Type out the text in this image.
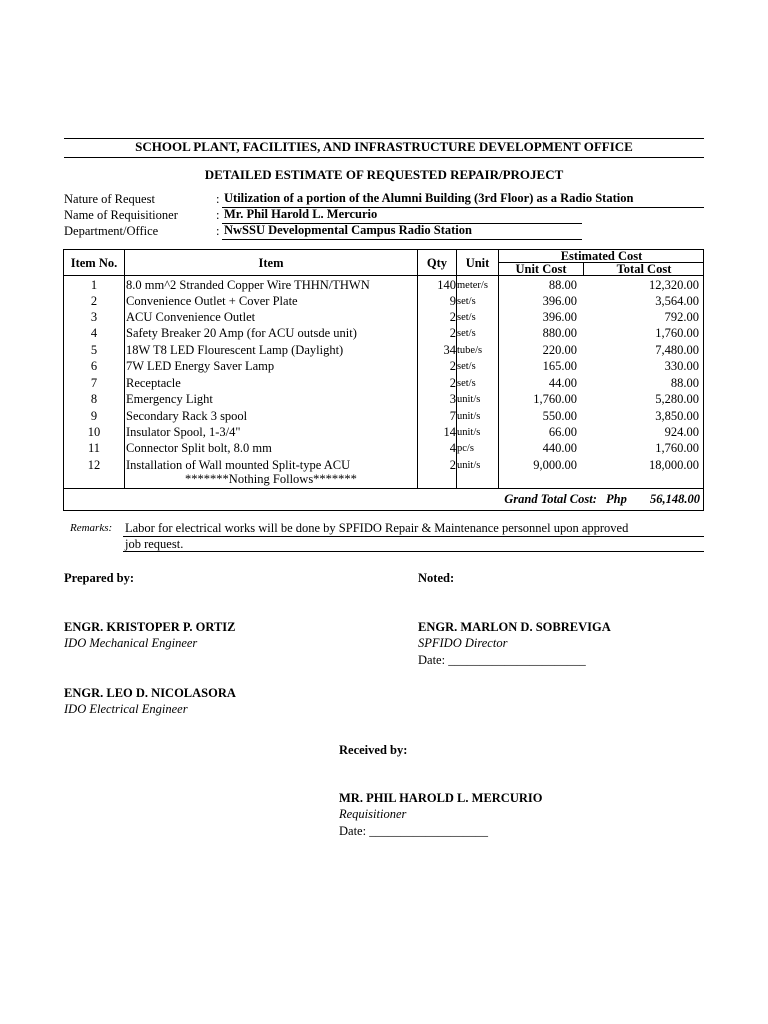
SCHOOL PLANT, FACILITIES, AND INFRASTRUCTURE DEVELOPMENT OFFICE
DETAILED ESTIMATE OF REQUESTED REPAIR/PROJECT
Nature of Request	: Utilization of a portion of the Alumni Building (3rd Floor) as a Radio Station
Name of Requisitioner	: Mr. Phil Harold L. Mercurio
Department/Office	: NwSSU Developmental Campus Radio Station
Item No.	Item	Qty	Unit	Estimated Cost
Unit Cost	Total Cost
1	8.0 mm^2 Stranded Copper Wire THHN/THWN	140 meter/s	88.00	12,320.00
2	Convenience Outlet + Cover Plate	9 set/s	396.00	3,564.00
3	ACU Convenience Outlet	2 set/s	396.00	792.00
4	Safety Breaker 20 Amp (for ACU outsde unit)	2 set/s	880.00	1,760.00
5	18W T8 LED Flourescent Lamp (Daylight)	34 tube/s	220.00	7,480.00
6	7W LED Energy Saver Lamp	2 set/s	165.00	330.00
7	Receptacle	2 set/s	44.00	88.00
8	Emergency Light	3 unit/s	1,760.00	5,280.00
9	Secondary Rack 3 spool	7 unit/s	550.00	3,850.00
10	Insulator Spool, 1-3/4"	14 unit/s	66.00	924.00
11	Connector Split bolt, 8.0 mm	4 pc/s	440.00	1,760.00
12	Installation of Wall mounted Split-type ACU	2 unit/s	9,000.00	18,000.00
*******Nothing Follows*******
Grand Total Cost: Php 56,148.00
Remarks: Labor for electrical works will be done by SPFIDO Repair & Maintenance personnel upon approved
job request.
Prepared by:	Noted:
ENGR. KRISTOPER P. ORTIZ
IDO Mechanical Engineer
ENGR. MARLON D. SOBREVIGA
SPFIDO Director
Date: ______________________
ENGR. LEO D. NICOLASORA
IDO Electrical Engineer
Received by:
MR. PHIL HAROLD L. MERCURIO
Requisitioner
Date: ___________________
